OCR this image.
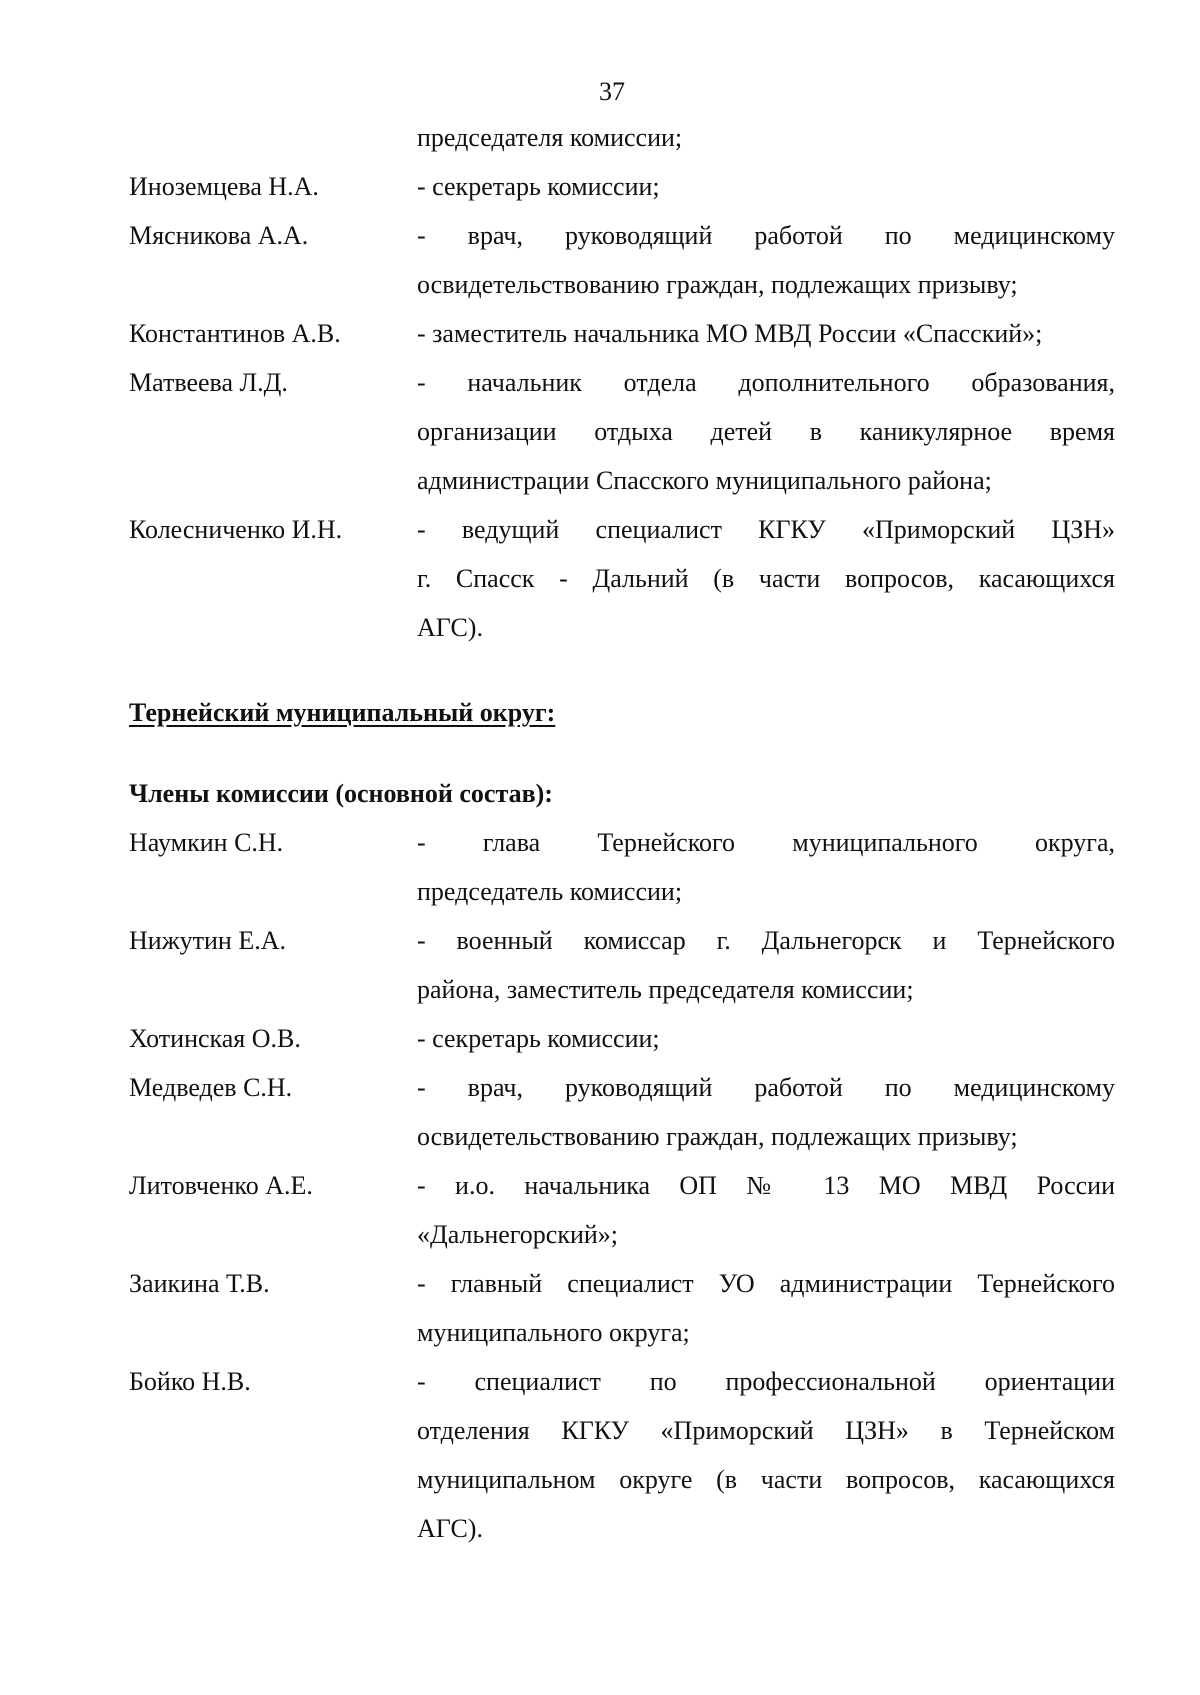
37
председателя комиссии;
Иноземцева Н.А.	- секретарь комиссии;
Мясникова А.А.	- врач, руководящий работой по медицинскому
освидетельствованию граждан, подлежащих призыву;
Константинов А.В.	- заместитель начальника МО МВД России «Спасский»;
Матвеева Л.Д.	- начальник отдела дополнительного образования,
организации отдыха детей в каникулярное время
администрации Спасского муниципального района;
Колесниченко И.Н.	- ведущий специалист КГКУ «Приморский ЦЗН»
г. Спасск - Дальний (в части вопросов, касающихся
АГС).
Тернейский муниципальный округ:
Члены комиссии (основной состав):
Наумкин С.Н.	- глава Тернейского муниципального округа,
председатель комиссии;
Нижутин Е.А.	- военный комиссар г. Дальнегорск и Тернейского
района, заместитель председателя комиссии;
Хотинская О.В.	- секретарь комиссии;
Медведев С.Н.	- врач, руководящий работой по медицинскому
освидетельствованию граждан, подлежащих призыву;
Литовченко А.Е.	- и.о. начальника ОП № 13 МО МВД России
«Дальнегорский»;
Заикина Т.В.	- главный специалист УО администрации Тернейского
муниципального округа;
Бойко Н.В.	- специалист по профессиональной ориентации
отделения КГКУ «Приморский ЦЗН» в Тернейском
муниципальном округе (в части вопросов, касающихся
АГС).
